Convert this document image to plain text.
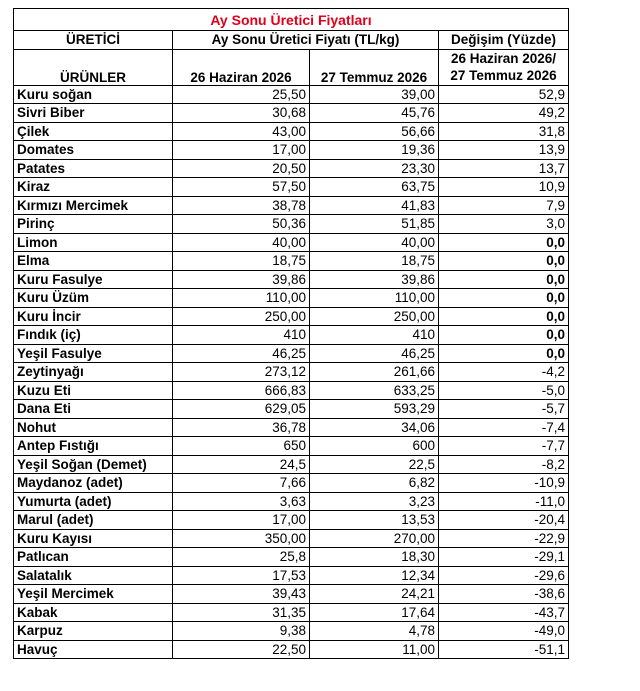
Ay Sonu Üretici Fiyatları			
ÜRETİCİ	Ay Sonu Üretici Fiyatı (TL/kg)		Değişim (Yüzde)
ÜRÜNLER	26 Haziran 2026	27 Temmuz 2026	26 Haziran 2026/
27 Temmuz 2026

Kuru soğan	25,50	39,00	52,9
Sivri Biber	30,68	45,76	49,2
Çilek	43,00	56,66	31,8
Domates	17,00	19,36	13,9
Patates	20,50	23,30	13,7
Kiraz	57,50	63,75	10,9
Kırmızı Mercimek	38,78	41,83	7,9
Pirinç	50,36	51,85	3,0
Limon	40,00	40,00	0,0
Elma	18,75	18,75	0,0
Kuru Fasulye	39,86	39,86	0,0
Kuru Üzüm	110,00	110,00	0,0
Kuru İncir	250,00	250,00	0,0
Fındık (iç)	410	410	0,0
Yeşil Fasulye	46,25	46,25	0,0
Zeytinyağı	273,12	261,66	-4,2
Kuzu Eti	666,83	633,25	-5,0
Dana Eti	629,05	593,29	-5,7
Nohut	36,78	34,06	-7,4
Antep Fıstığı	650	600	-7,7
Yeşil Soğan (Demet)	24,5	22,5	-8,2
Maydanoz (adet)	7,66	6,82	-10,9
Yumurta (adet)	3,63	3,23	-11,0
Marul (adet)	17,00	13,53	-20,4
Kuru Kayısı	350,00	270,00	-22,9
Patlıcan	25,8	18,30	-29,1
Salatalık	17,53	12,34	-29,6
Yeşil Mercimek	39,43	24,21	-38,6
Kabak	31,35	17,64	-43,7
Karpuz	9,38	4,78	-49,0
Havuç	22,50	11,00	-51,1
